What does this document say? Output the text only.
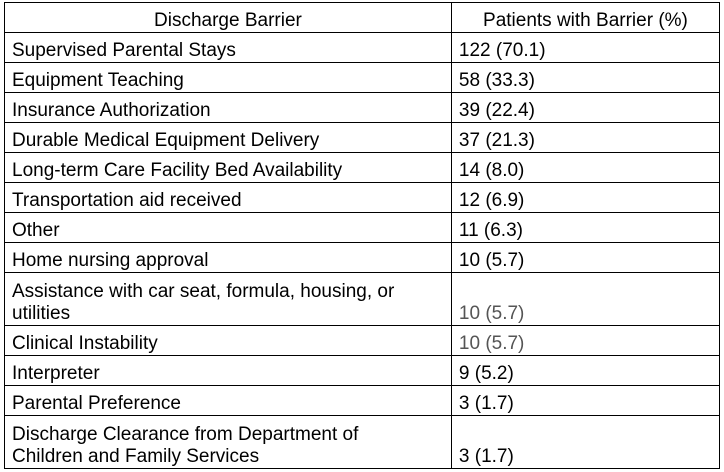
Discharge Barrier	Patients with Barrier (%)
Supervised Parental Stays	122 (70.1)
Equipment Teaching	58 (33.3)
Insurance Authorization	39 (22.4)
Durable Medical Equipment Delivery	37 (21.3)
Long-term Care Facility Bed Availability	14 (8.0)
Transportation aid received	12 (6.9)
Other	11 (6.3)
Home nursing approval	10 (5.7)

Assistance with car seat, formula, housing, or utilities	10 (5.7)
Clinical Instability	10 (5.7)
Interpreter	9 (5.2)
Parental Preference	3 (1.7)

Discharge Clearance from Department of Children and Family Services	3 (1.7)
